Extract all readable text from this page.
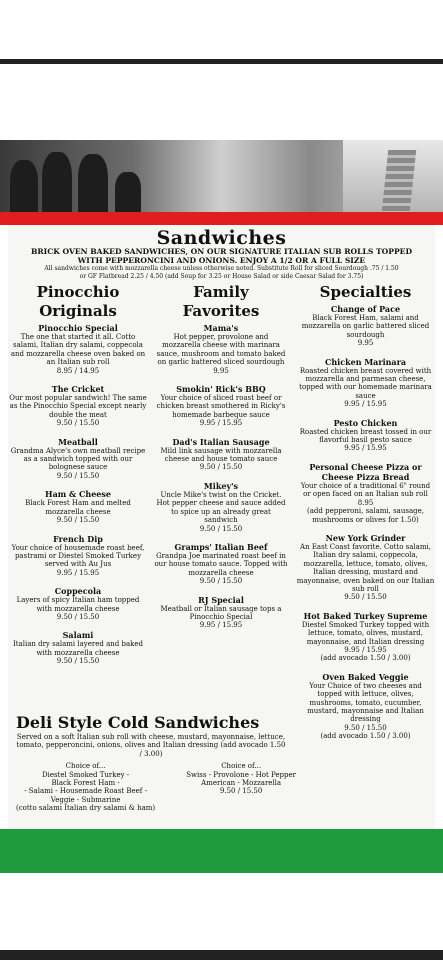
Sandwiches
BRICK OVEN BAKED SANDWICHES, ON OUR SIGNATURE ITALIAN SUB ROLLS TOPPED
WITH PEPPERONCINI AND ONIONS. ENJOY A 1/2 OR A FULL SIZE
All sandwiches come with mozzarella cheese unless otherwise noted. Substitute Roll for sliced Sourdough .75 / 1.50
or GF Flatbread 2.25 / 4.50 (add Soup for 3.25 or House Salad or side Caesar Salad for 3.75)
Pinocchio
Originals
Pinocchio Special
The one that started it all. Cotto salami, Italian dry salami, coppecola and mozzarella cheese oven baked on an Italian sub roll
8.95 / 14.95
The Cricket
Our most popular sandwich! The same as the Pinocchio Special except nearly double the meat
9.50 / 15.50
Meatball
Grandma Alyce's own meatball recipe as a sandwich topped with our bolognese sauce
9.50 / 15.50
Ham & Cheese
Black Forest Ham and melted mozzarella cheese
9.50 / 15.50
French Dip
Your choice of housemade roast beef, pastrami or Diestel Smoked Turkey served with Au Jus
9.95 / 15.95
Coppecola
Layers of spicy Italian ham topped with mozzarella cheese
9.50 / 15.50
Salami
Italian dry salami layered and baked with mozzarella cheese
9.50 / 15.50
Family
Favorites
Mama's
Hot pepper, provolone and mozzarella cheese with marinara sauce, mushroom and tomato baked on garlic battered sliced sourdough
9.95
Smokin' Rick's BBQ
Your choice of sliced roast beef or chicken breast smothered in Ricky's homemade barbeque sauce
9.95 / 15.95
Dad's Italian Sausage
Mild link sausage with mozzarella cheese and house tomato sauce
9.50 / 15.50
Mikey's
Uncle Mike's twist on the Cricket. Hot pepper cheese and sauce added to spice up an already great sandwich
9.50 / 15.50
Gramps' Italian Beef
Grandpa Joe marinated roast beef in our house tomato sauce. Topped with mozzarella cheese
9.50 / 15.50
RJ Special
Meatball or Italian sausage tops a Pinocchio Special
9.95 / 15.95
Specialties
Change of Pace
Black Forest Ham, salami and mozzarella on garlic battered sliced sourdough
9.95
Chicken Marinara
Roasted chicken breast covered with mozzarella and parmesan cheese, topped with our homemade marinara sauce
9.95 / 15.95
Pesto Chicken
Roasted chicken breast tossed in our flavorful basil pesto sauce
9.95 / 15.95
Personal Cheese Pizza or Cheese Pizza Bread
Your choice of a traditional 6" round or open faced on an Italian sub roll
8.95
(add pepperoni, salami, sausage, mushrooms or olives for 1.50)
New York Grinder
An East Coast favorite. Cotto salami, Italian dry salami, coppecola, mozzarella, lettuce, tomato, olives, Italian dressing, mustard and mayonnaise, oven baked on our Italian sub roll
9.50 / 15.50
Hot Baked Turkey Supreme
Diestel Smoked Turkey topped with lettuce, tomato, olives, mustard, mayonnaise, and Italian dressing
9.95 / 15.95
(add avocado 1.50 / 3.00)
Oven Baked Veggie
Your Choice of two cheeses and topped with lettuce, olives, mushrooms, tomato, cucumber, mustard, mayonnaise and Italian dressing
9.50 / 15.50
(add avocado 1.50 / 3.00)
Deli Style Cold Sandwiches
Served on a soft Italian sub roll with cheese, mustard, mayonnaise, lettuce, tomato, pepperoncini, onions, olives and Italian dressing (add avocado 1.50 / 3.00)
Choice of...
Diestel Smoked Turkey -
Black Forest Ham -
- Salami - Housemade Roast Beef -
Veggie - Submarine
(cotto salami Italian dry salami & ham)
Choice of...
Swiss - Provolone - Hot Pepper
American - Mozzarella
9.50 / 15.50
